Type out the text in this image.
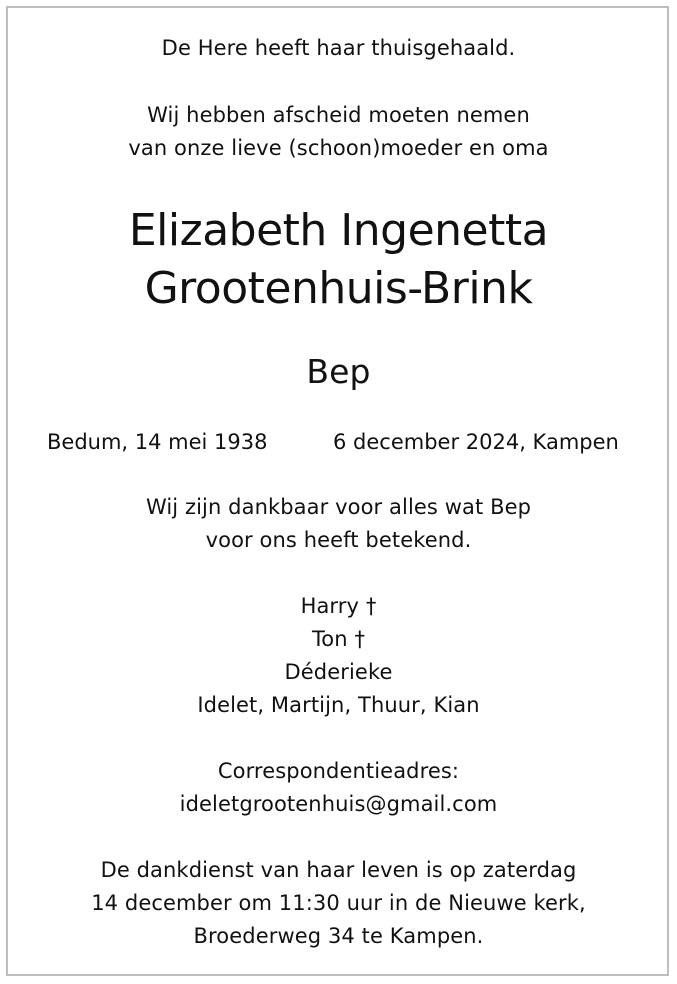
De Here heeft haar thuisgehaald.
Wij hebben afscheid moeten nemen
van onze lieve (schoon)moeder en oma
Elizabeth Ingenetta
Grootenhuis-Brink
Bep
Bedum, 14 mei 1938	6 december 2024, Kampen
Wij zijn dankbaar voor alles wat Bep
voor ons heeft betekend.
Harry †
Ton †
Déderieke
Idelet, Martijn, Thuur, Kian
Correspondentieadres:
ideletgrootenhuis@gmail.com
De dankdienst van haar leven is op zaterdag
14 december om 11:30 uur in de Nieuwe kerk,
Broederweg 34 te Kampen.
